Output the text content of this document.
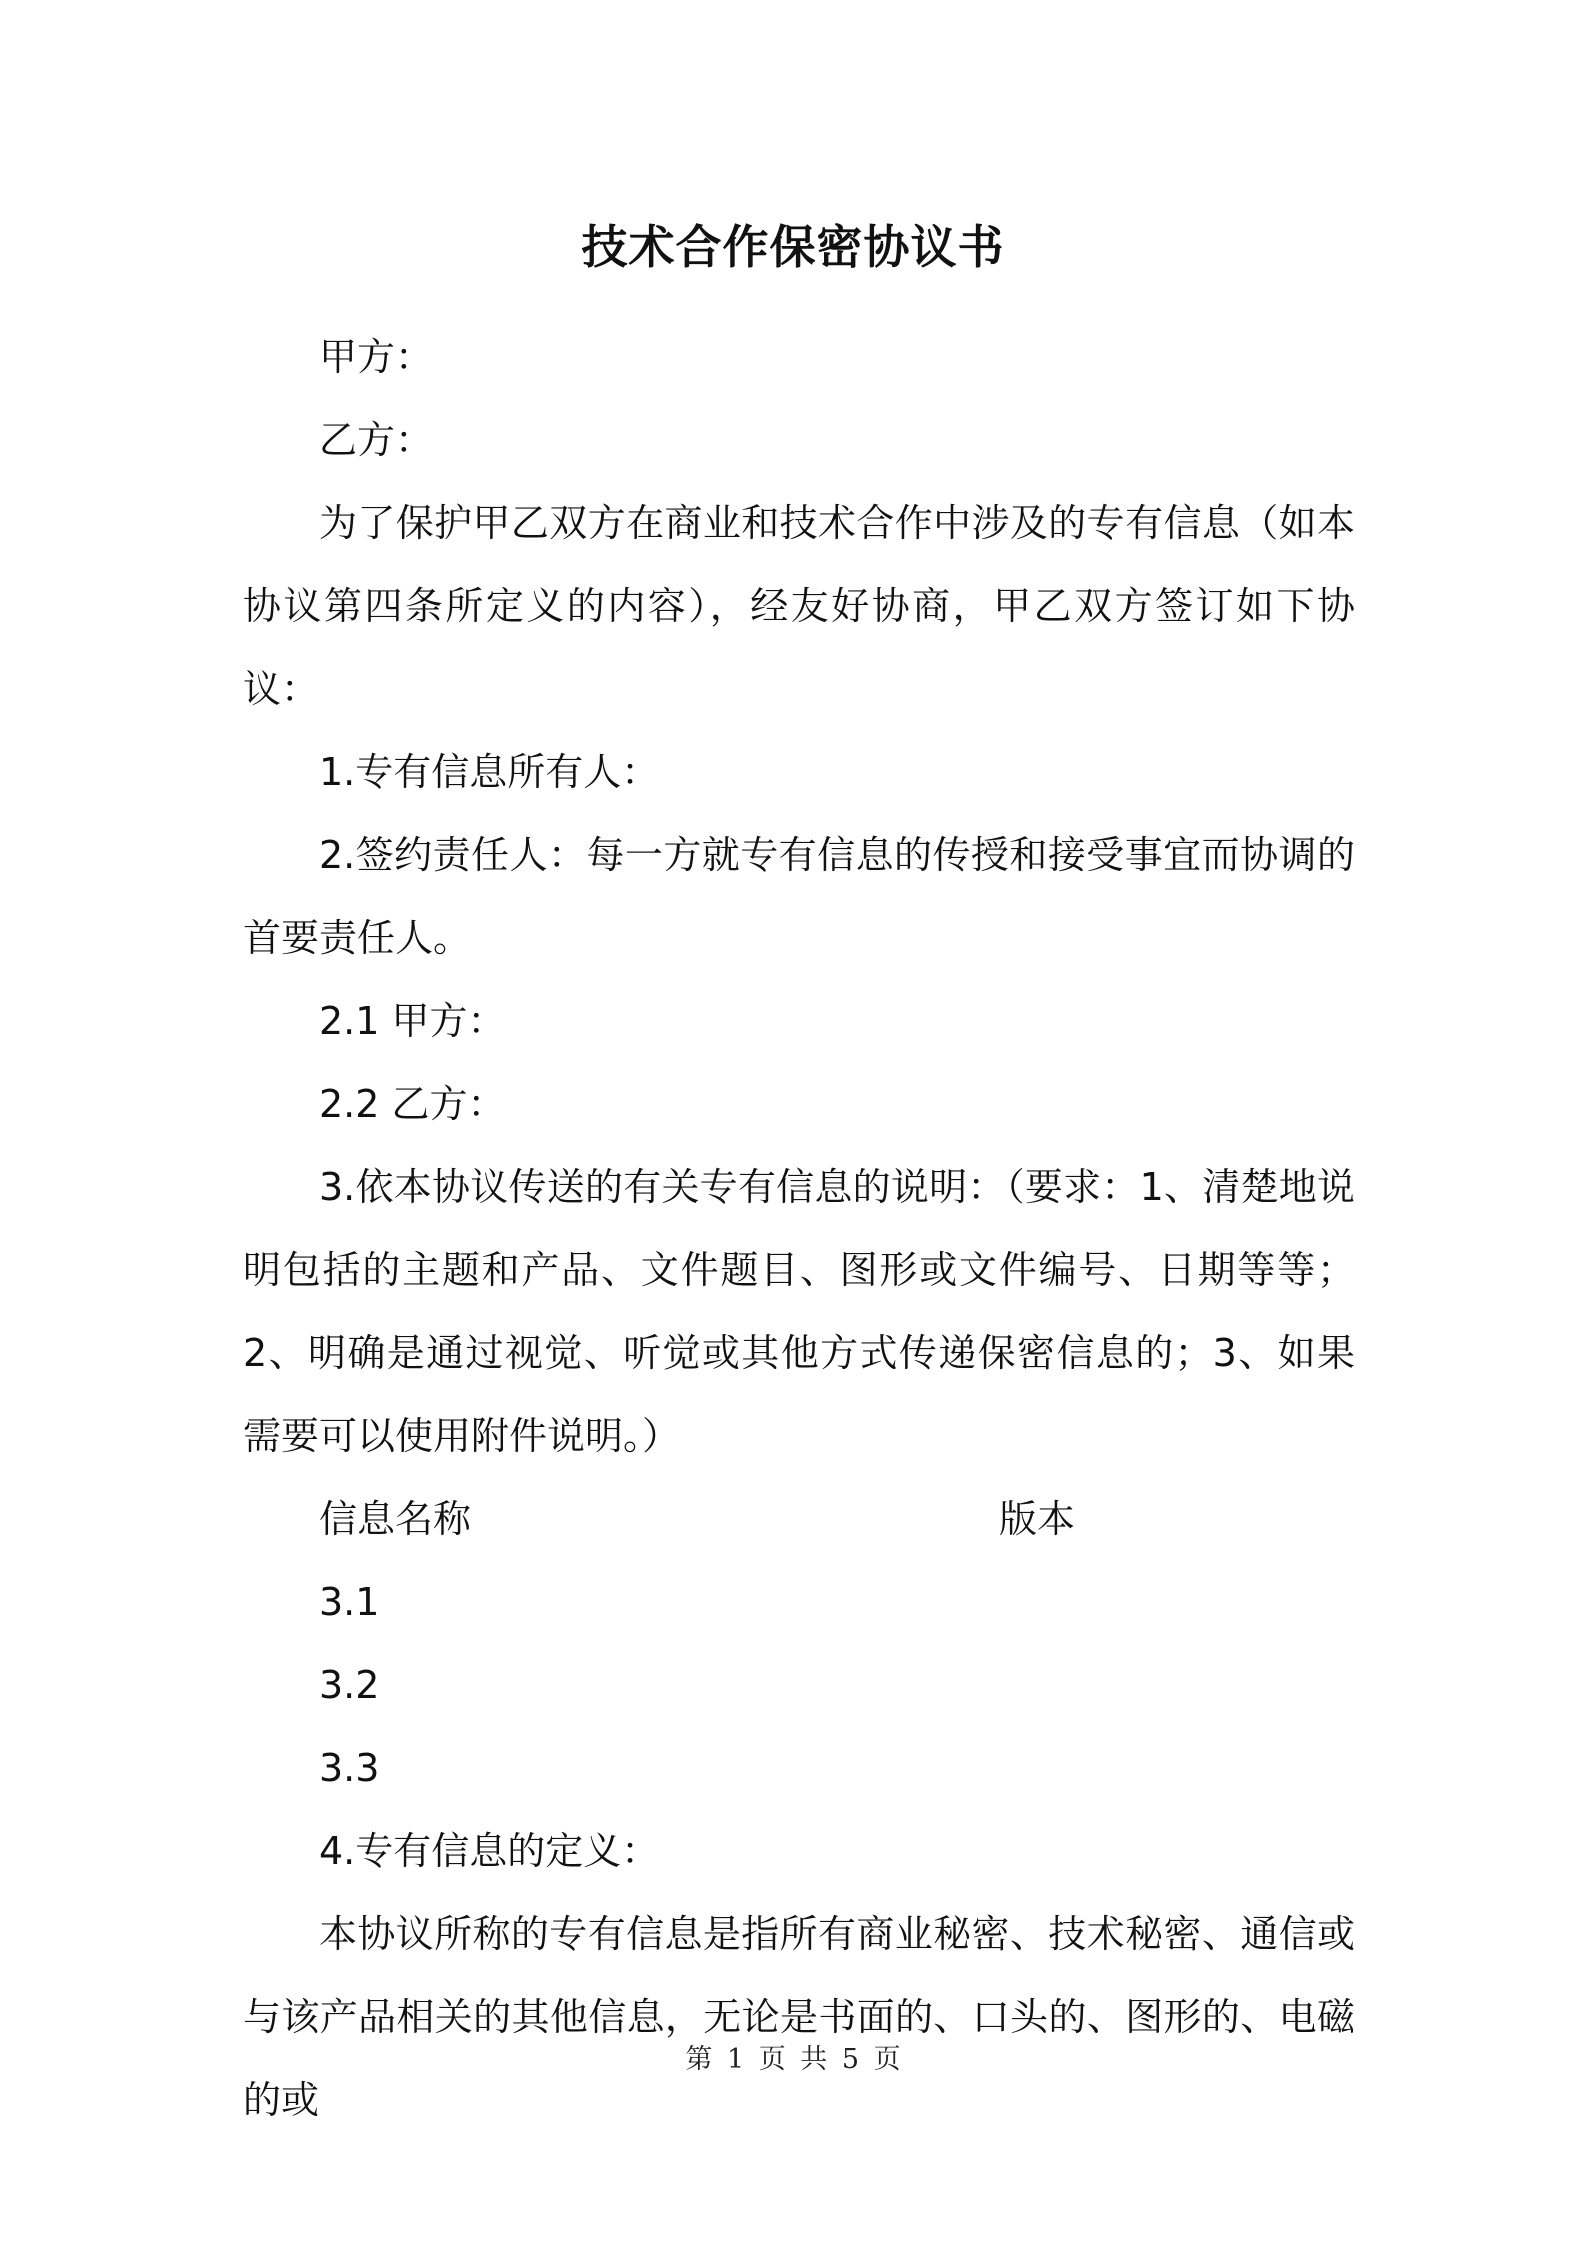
技术合作保密协议书

甲方：

乙方：

为了保护甲乙双方在商业和技术合作中涉及的专有信息（如本协议第四条所定义的内容），经友好协商，甲乙双方签订如下协议：

1.专有信息所有人：

2.签约责任人：每一方就专有信息的传授和接受事宜而协调的首要责任人。

2.1 甲方：

2.2 乙方：

3.依本协议传送的有关专有信息的说明：（要求：1、清楚地说明包括的主题和产品、文件题目、图形或文件编号、日期等等；2、明确是通过视觉、听觉或其他方式传递保密信息的；3、如果需要可以使用附件说明。）

信息名称	版本

3.1

3.2

3.3

4.专有信息的定义：

本协议所称的专有信息是指所有商业秘密、技术秘密、通信或与该产品相关的其他信息，无论是书面的、口头的、图形的、电磁的或

第 1 页 共 5 页
